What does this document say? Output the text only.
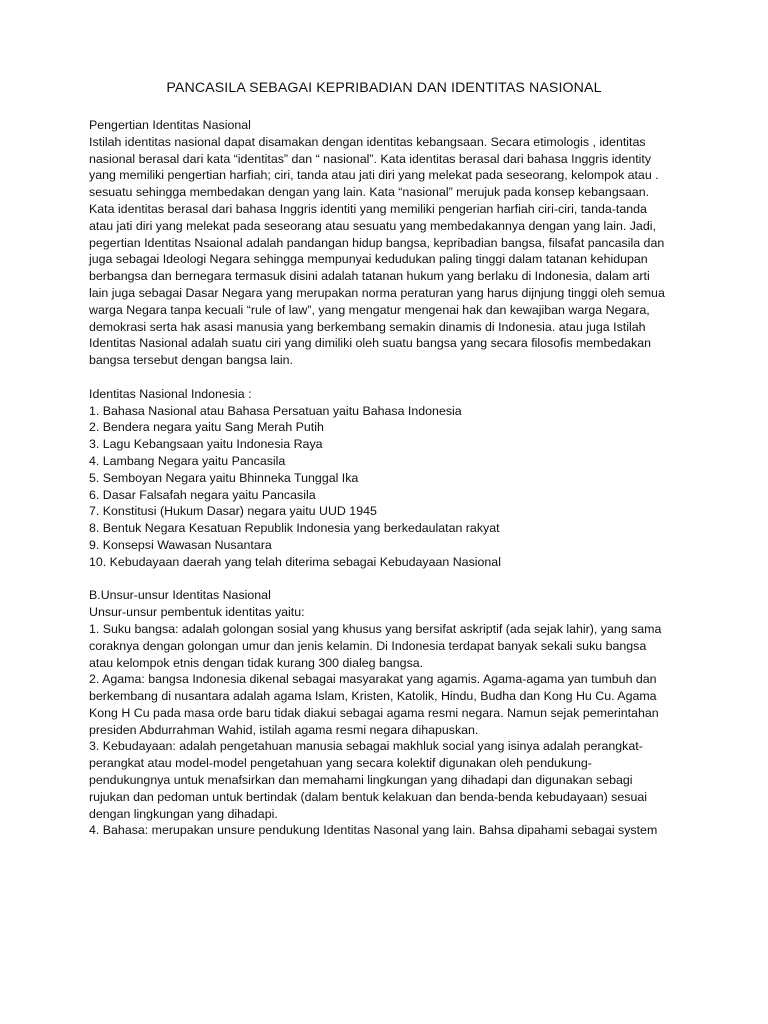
PANCASILA SEBAGAI KEPRIBADIAN DAN IDENTITAS NASIONAL
Pengertian Identitas Nasional
Istilah identitas nasional dapat disamakan dengan identitas kebangsaan. Secara etimologis , identitas
nasional berasal dari kata “identitas” dan “ nasional”. Kata identitas berasal dari bahasa Inggris identity
yang memiliki pengertian harfiah; ciri, tanda atau jati diri yang melekat pada seseorang, kelompok atau .
sesuatu sehingga membedakan dengan yang lain. Kata “nasional” merujuk pada konsep kebangsaan.
Kata identitas berasal dari bahasa Inggris identiti yang memiliki pengerian harfiah ciri-ciri, tanda-tanda
atau jati diri yang melekat pada seseorang atau sesuatu yang membedakannya dengan yang lain. Jadi,
pegertian Identitas Nsaional adalah pandangan hidup bangsa, kepribadian bangsa, filsafat pancasila dan
juga sebagai Ideologi Negara sehingga mempunyai kedudukan paling tinggi dalam tatanan kehidupan
berbangsa dan bernegara termasuk disini adalah tatanan hukum yang berlaku di Indonesia, dalam arti
lain juga sebagai Dasar Negara yang merupakan norma peraturan yang harus dijnjung tinggi oleh semua
warga Negara tanpa kecuali “rule of law”, yang mengatur mengenai hak dan kewajiban warga Negara,
demokrasi serta hak asasi manusia yang berkembang semakin dinamis di Indonesia. atau juga Istilah
Identitas Nasional adalah suatu ciri yang dimiliki oleh suatu bangsa yang secara filosofis membedakan
bangsa tersebut dengan bangsa lain.
Identitas Nasional Indonesia :
1. Bahasa Nasional atau Bahasa Persatuan yaitu Bahasa Indonesia
2. Bendera negara yaitu Sang Merah Putih
3. Lagu Kebangsaan yaitu Indonesia Raya
4. Lambang Negara yaitu Pancasila
5. Semboyan Negara yaitu Bhinneka Tunggal Ika
6. Dasar Falsafah negara yaitu Pancasila
7. Konstitusi (Hukum Dasar) negara yaitu UUD 1945
8. Bentuk Negara Kesatuan Republik Indonesia yang berkedaulatan rakyat
9. Konsepsi Wawasan Nusantara
10. Kebudayaan daerah yang telah diterima sebagai Kebudayaan Nasional
B.Unsur-unsur Identitas Nasional
Unsur-unsur pembentuk identitas yaitu:
1. Suku bangsa: adalah golongan sosial yang khusus yang bersifat askriptif (ada sejak lahir), yang sama
coraknya dengan golongan umur dan jenis kelamin. Di Indonesia terdapat banyak sekali suku bangsa
atau kelompok etnis dengan tidak kurang 300 dialeg bangsa.
2. Agama: bangsa Indonesia dikenal sebagai masyarakat yang agamis. Agama-agama yan tumbuh dan
berkembang di nusantara adalah agama Islam, Kristen, Katolik, Hindu, Budha dan Kong Hu Cu. Agama
Kong H Cu pada masa orde baru tidak diakui sebagai agama resmi negara. Namun sejak pemerintahan
presiden Abdurrahman Wahid, istilah agama resmi negara dihapuskan.
3. Kebudayaan: adalah pengetahuan manusia sebagai makhluk social yang isinya adalah perangkat-
perangkat atau model-model pengetahuan yang secara kolektif digunakan oleh pendukung-
pendukungnya untuk menafsirkan dan memahami lingkungan yang dihadapi dan digunakan sebagi
rujukan dan pedoman untuk bertindak (dalam bentuk kelakuan dan benda-benda kebudayaan) sesuai
dengan lingkungan yang dihadapi.
4. Bahasa: merupakan unsure pendukung Identitas Nasonal yang lain. Bahsa dipahami sebagai system
